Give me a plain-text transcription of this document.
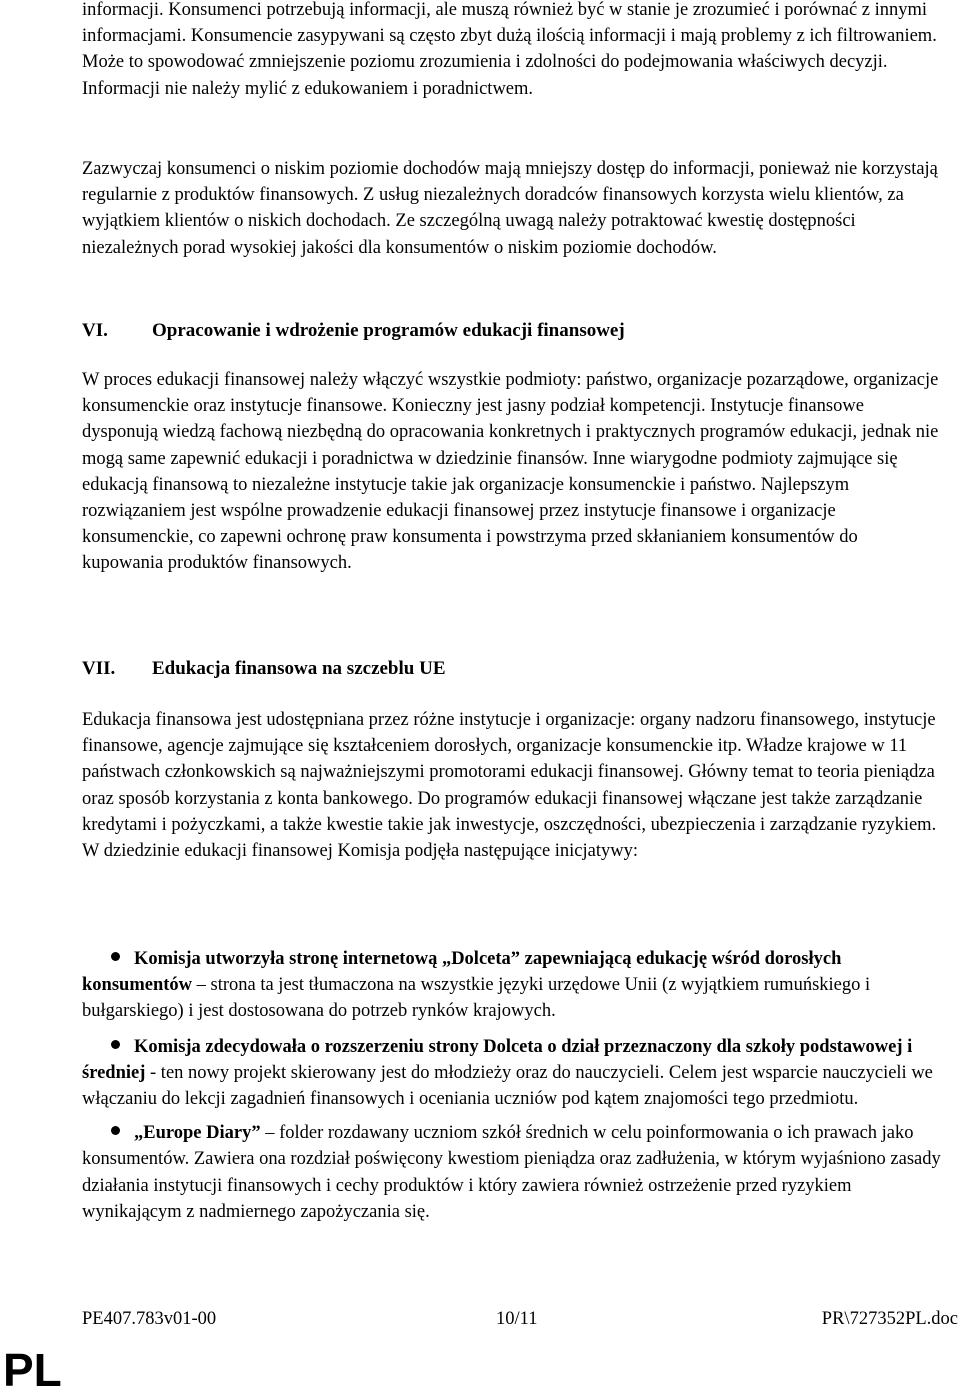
informacji. Konsumenci potrzebują informacji, ale muszą również być w stanie je zrozumieć i porównać z innymi informacjami. Konsumencie zasypywani są często zbyt dużą ilością informacji i mają problemy z ich filtrowaniem. Może to spowodować zmniejszenie poziomu zrozumienia i zdolności do podejmowania właściwych decyzji. Informacji nie należy mylić z edukowaniem i poradnictwem.

Zazwyczaj konsumenci o niskim poziomie dochodów mają mniejszy dostęp do informacji, ponieważ nie korzystają regularnie z produktów finansowych. Z usług niezależnych doradców finansowych korzysta wielu klientów, za wyjątkiem klientów o niskich dochodach. Ze szczególną uwagą należy potraktować kwestię dostępności niezależnych porad wysokiej jakości dla konsumentów o niskim poziomie dochodów.

VI. Opracowanie i wdrożenie programów edukacji finansowej

W proces edukacji finansowej należy włączyć wszystkie podmioty: państwo, organizacje pozarządowe, organizacje konsumenckie oraz instytucje finansowe. Konieczny jest jasny podział kompetencji. Instytucje finansowe dysponują wiedzą fachową niezbędną do opracowania konkretnych i praktycznych programów edukacji, jednak nie mogą same zapewnić edukacji i poradnictwa w dziedzinie finansów. Inne wiarygodne podmioty zajmujące się edukacją finansową to niezależne instytucje takie jak organizacje konsumenckie i państwo. Najlepszym rozwiązaniem jest wspólne prowadzenie edukacji finansowej przez instytucje finansowe i organizacje konsumenckie, co zapewni ochronę praw konsumenta i powstrzyma przed skłanianiem konsumentów do kupowania produktów finansowych.

VII. Edukacja finansowa na szczeblu UE

Edukacja finansowa jest udostępniana przez różne instytucje i organizacje: organy nadzoru finansowego, instytucje finansowe, agencje zajmujące się kształceniem dorosłych, organizacje konsumenckie itp. Władze krajowe w 11 państwach członkowskich są najważniejszymi promotorami edukacji finansowej. Główny temat to teoria pieniądza oraz sposób korzystania z konta bankowego. Do programów edukacji finansowej włączane jest także zarządzanie kredytami i pożyczkami, a także kwestie takie jak inwestycje, oszczędności, ubezpieczenia i zarządzanie ryzykiem. W dziedzinie edukacji finansowej Komisja podjęła następujące inicjatywy:

Komisja utworzyła stronę internetową „Dolceta” zapewniającą edukację wśród dorosłych konsumentów – strona ta jest tłumaczona na wszystkie języki urzędowe Unii (z wyjątkiem rumuńskiego i bułgarskiego) i jest dostosowana do potrzeb rynków krajowych.
Komisja zdecydowała o rozszerzeniu strony Dolceta o dział przeznaczony dla szkoły podstawowej i średniej - ten nowy projekt skierowany jest do młodzieży oraz do nauczycieli. Celem jest wsparcie nauczycieli we włączaniu do lekcji zagadnień finansowych i oceniania uczniów pod kątem znajomości tego przedmiotu.
„Europe Diary” – folder rozdawany uczniom szkół średnich w celu poinformowania o ich prawach jako konsumentów. Zawiera ona rozdział poświęcony kwestiom pieniądza oraz zadłużenia, w którym wyjaśniono zasady działania instytucji finansowych i cechy produktów i który zawiera również ostrzeżenie przed ryzykiem wynikającym z nadmiernego zapożyczania się.
PE407.783v01-00	10/11	PR\727352PL.doc
PL
